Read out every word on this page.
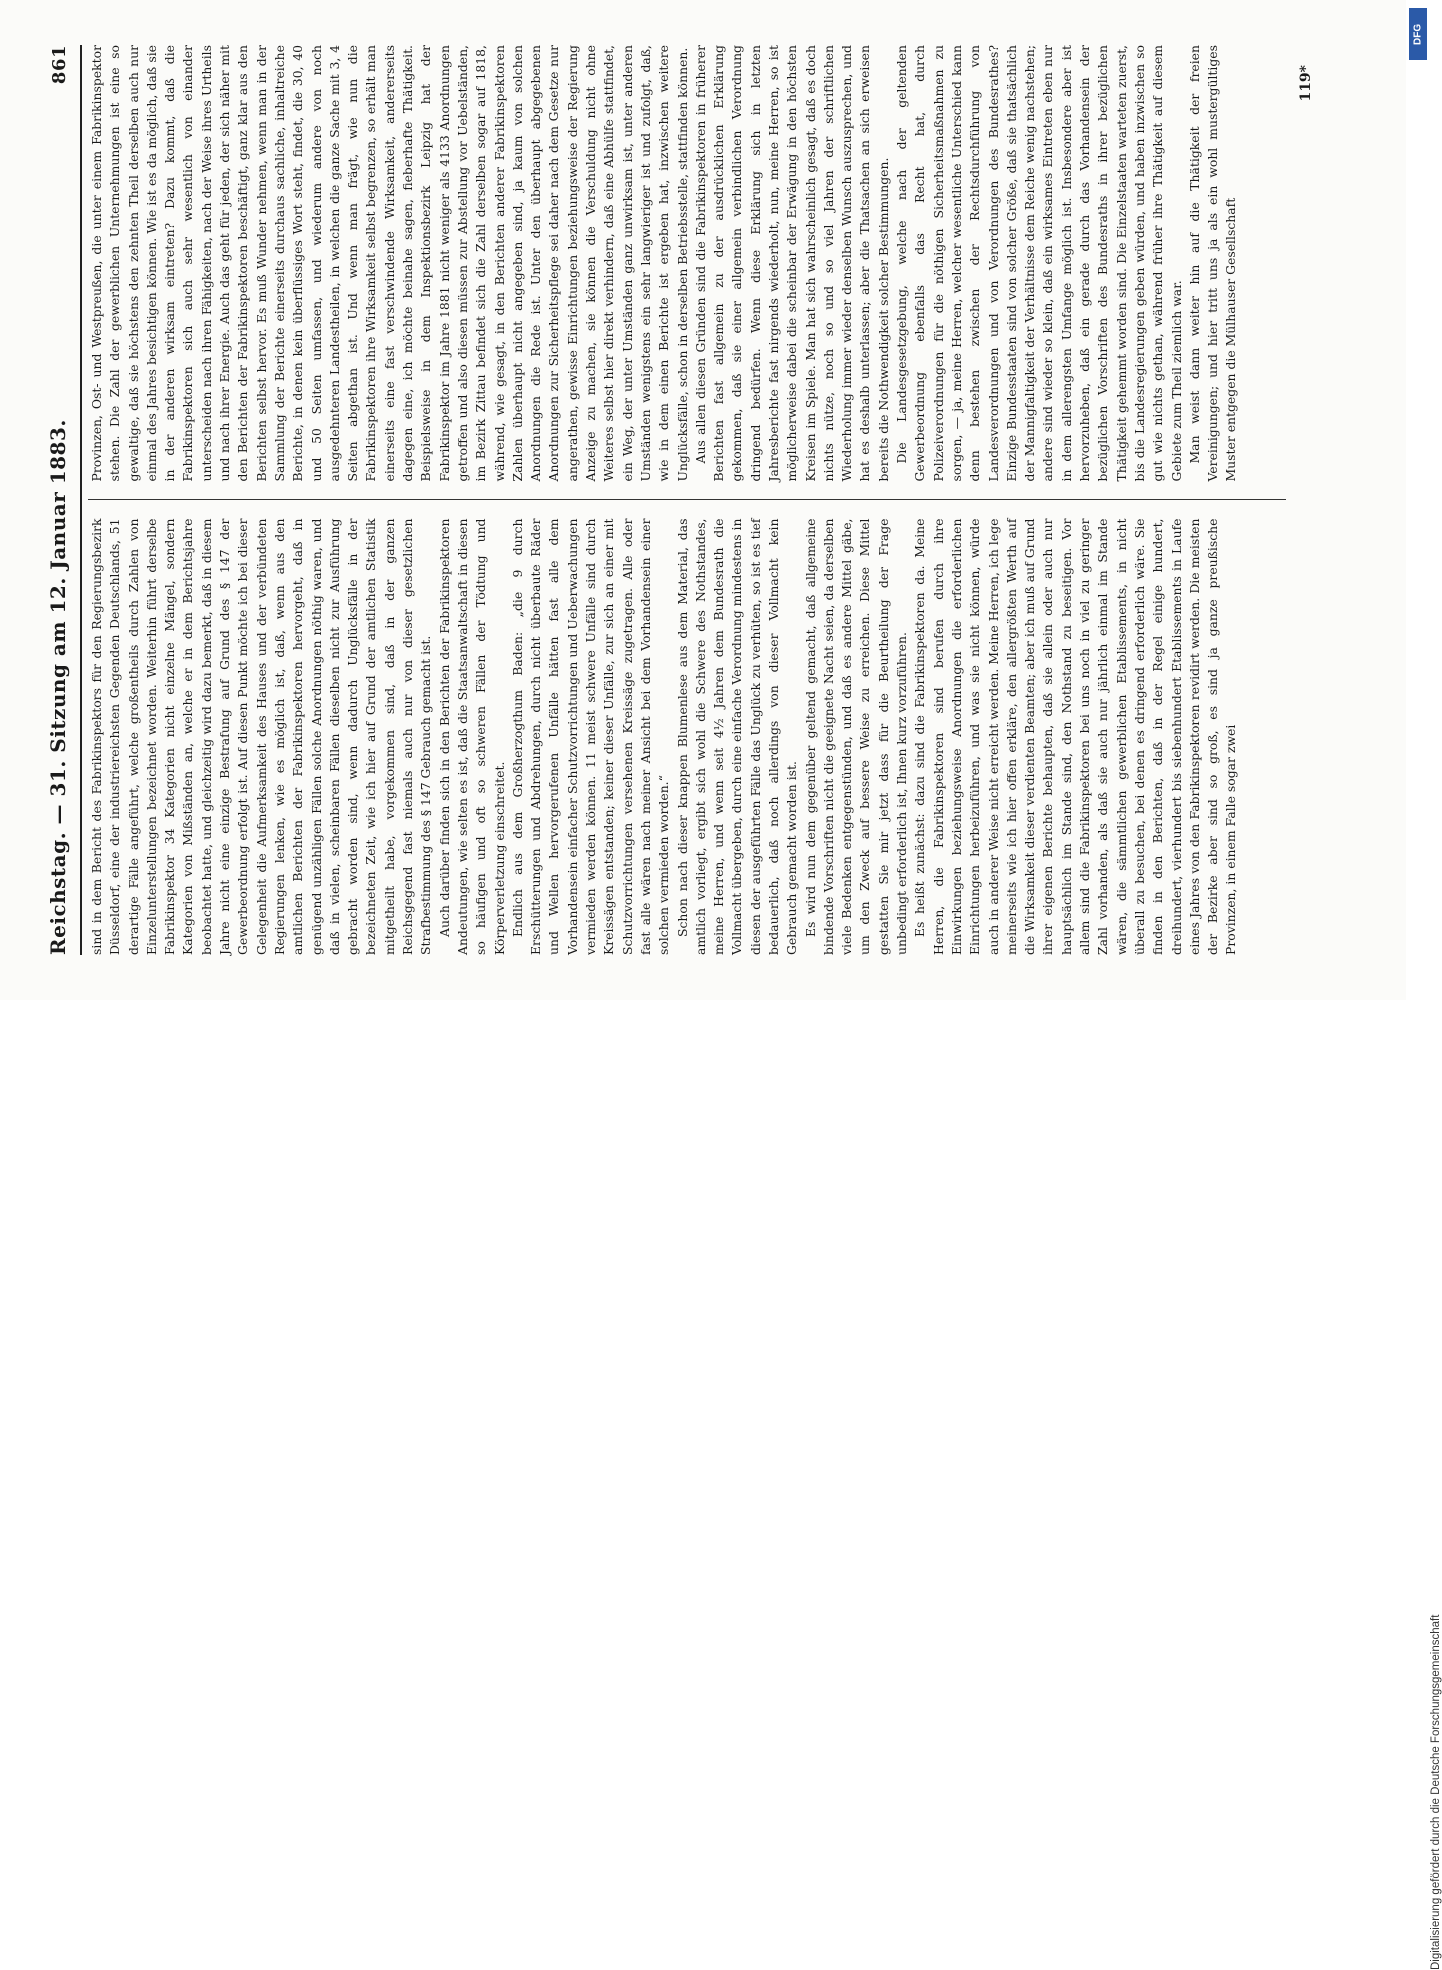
Reichstag. — 31. Sitzung am 12. Januar 1883.
861

sind in dem Bericht des Fabrikinspektors für den Regierungsbezirk Düsseldorf, eine der industriereichsten Gegenden Deutschlands, 51 derartige Fälle angeführt, welche großentheils durch Zahlen von Einzelunterstellungen bezeichnet worden. Weiterhin führt derselbe Fabrikinspektor 34 Kategorien nicht einzelne Mängel, sondern Kategorien von Mißständen an, welche er in dem Berichtsjahre beobachtet hatte, und gleichzeitig wird dazu bemerkt, daß in diesem Jahre nicht eine einzige Bestrafung auf Grund des § 147 der Gewerbeordnung erfolgt ist. Auf diesen Punkt möchte ich bei dieser Gelegenheit die Aufmerksamkeit des Hauses und der verbündeten Regierungen lenken, wie es möglich ist, daß, wenn aus den amtlichen Berichten der Fabrikinspektoren hervorgeht, daß in genügend unzähligen Fällen solche Anordnungen nöthig waren, und daß in vielen, scheinbaren Fällen dieselben nicht zur Ausführung gebracht worden sind, wenn dadurch Unglücksfälle in der bezeichneten Zeit, wie ich hier auf Grund der amtlichen Statistik mitgetheilt habe, vorgekommen sind, daß in der ganzen Reichsgegend fast niemals auch nur von dieser gesetzlichen Strafbestimmung des § 147 Gebrauch gemacht ist. Auch darüber finden sich in den Berichten der Fabrikinspektoren Andeutungen, wie selten es ist, daß die Staatsanwaltschaft in diesen so häufigen und oft so schweren Fällen der Tödtung und Körperverletzung einschreitet. Endlich aus dem Großherzogthum Baden: „die 9 durch Erschütterungen und Abdrehungen, durch nicht überbaute Räder und Wellen hervorgerufenen Unfälle hätten fast alle dem Vorhandensein einfacher Schutzvorrichtungen und Ueberwachungen vermieden werden können. 11 meist schwere Unfälle sind durch Kreissägen entstanden; keiner dieser Unfälle, zur sich an einer mit Schutzvorrichtungen versehenen Kreissäge zugetragen. Alle oder fast alle wären nach meiner Ansicht bei dem Vorhandensein einer solchen vermieden worden.“ Schon nach dieser knappen Blumenlese aus dem Material, das amtlich vorliegt, ergibt sich wohl die Schwere des Nothstandes, meine Herren, und wenn seit 4½ Jahren dem Bundesrath die Vollmacht übergeben, durch eine einfache Verordnung mindestens in diesen der ausgeführten Fälle das Unglück zu verhüten, so ist es tief bedauerlich, daß noch allerdings von dieser Vollmacht kein Gebrauch gemacht worden ist. Es wird nun dem gegenüber geltend gemacht, daß allgemeine bindende Vorschriften nicht die geeignete Nacht seien, da derselben viele Bedenken entgegenstünden, und daß es andere Mittel gäbe, um den Zweck auf bessere Weise zu erreichen. Diese Mittel gestatten Sie mir jetzt dass für die Beurtheilung der Frage unbedingt erforderlich ist, Ihnen kurz vorzuführen. Es heißt zunächst: dazu sind die Fabrikinspektoren da. Meine Herren, die Fabrikinspektoren sind berufen durch ihre Einwirkungen beziehungsweise Anordnungen die erforderlichen Einrichtungen herbeizuführen, und was sie nicht können, würde auch in anderer Weise nicht erreicht werden. Meine Herren, ich lege meinerseits wie ich hier offen erkläre, den allergrößten Werth auf die Wirksamkeit dieser verdienten Beamten; aber ich muß auf Grund ihrer eigenen Berichte behaupten, daß sie allein oder auch nur hauptsächlich im Stande sind, den Nothstand zu beseitigen. Vor allem sind die Fabrikinspektoren bei uns noch in viel zu geringer Zahl vorhanden, als daß sie auch nur jährlich einmal im Stande wären, die sämmtlichen gewerblichen Etablissements, in nicht überall zu besuchen, bei denen es dringend erforderlich wäre. Sie finden in den Berichten, daß in der Regel einige hundert, dreihundert, vierhundert bis siebenhundert Etablissements in Laufe eines Jahres von den Fabrikinspektoren revidirt werden. Die meisten der Bezirke aber sind so groß, es sind ja ganze preußische Provinzen, in einem Falle sogar zwei

Provinzen, Ost- und Westpreußen, die unter einem Fabrikinspektor stehen. Die Zahl der gewerblichen Unternehmungen ist eine so gewaltige, daß sie höchstens den zehnten Theil derselben auch nur einmal des Jahres besichtigen können. Wie ist es da möglich, daß sie in der anderen wirksam eintreten? Dazu kommt, daß die Fabrikinspektoren sich auch sehr wesentlich von einander unterscheiden nach ihren Fähigkeiten, nach der Weise ihres Urtheils und nach ihrer Energie. Auch das geht für jeden, der sich näher mit den Berichten der Fabrikinspektoren beschäftigt, ganz klar aus den Berichten selbst hervor. Es muß Wunder nehmen, wenn man in der Sammlung der Berichte einerseits durchaus sachliche, inhaltreiche Berichte, in denen kein überflüssiges Wort steht, findet, die 30, 40 und 50 Seiten umfassen, und wiederum andere von noch ausgedehnteren Landestheilen, in welchen die ganze Sache mit 3, 4 Seiten abgethan ist. Und wenn man frägt, wie nun die Fabrikinspektoren ihre Wirksamkeit selbst begrenzen, so erhält man einerseits eine fast verschwindende Wirksamkeit, andererseits dagegen eine, ich möchte beinahe sagen, fieberhafte Thätigkeit. Beispielsweise in dem Inspektionsbezirk Leipzig hat der Fabrikinspektor im Jahre 1881 nicht weniger als 4133 Anordnungen getroffen und also diesen müssen zur Abstellung vor Uebelständen, im Bezirk Zittau befindet sich die Zahl derselben sogar auf 1818, während, wie gesagt, in den Berichten anderer Fabrikinspektoren Zahlen überhaupt nicht angegeben sind, ja kaum von solchen Anordnungen die Rede ist. Unter den überhaupt abgegebenen Anordnungen zur Sicherheitspflege sei daher nach dem Gesetze nur angerathen, gewisse Einrichtungen beziehungsweise der Regierung Anzeige zu machen, sie können die Verschuldung nicht ohne Weiteres selbst hier direkt verhindern, daß eine Abhülfe stattfindet, ein Weg, der unter Umständen ganz unwirksam ist, unter anderen Umständen wenigstens ein sehr langwieriger ist und zufolgt, daß, wie in dem einen Berichte ist ergeben hat, inzwischen weitere Unglücksfälle, schon in derselben Betriebsstelle, stattfinden können. Aus allen diesen Gründen sind die Fabrikinspektoren in früherer Berichten fast allgemein zu der ausdrücklichen Erklärung gekommen, daß sie einer allgemein verbindlichen Verordnung dringend bedürfen. Wenn diese Erklärung sich in letzten Jahresberichte fast nirgends wiederholt, nun, meine Herren, so ist möglicherweise dabei die scheinbar der Erwägung in den höchsten Kreisen im Spiele. Man hat sich wahrscheinlich gesagt, daß es doch nichts nütze, noch so und so viel Jahren der schriftlichen Wiederholung immer wieder denselben Wunsch auszusprechen, und hat es deshalb unterlassen; aber die Thatsachen an sich erweisen bereits die Nothwendigkeit solcher Bestimmungen. Die Landesgesetzgebung, welche nach der geltenden Gewerbeordnung ebenfalls das Recht hat, durch Polizeiverordnungen für die nöthigen Sicherheitsmaßnahmen zu sorgen, — ja, meine Herren, welcher wesentliche Unterschied kann denn bestehen zwischen der Rechtsdurchführung von Landesverordnungen und von Verordnungen des Bundesrathes? Einzige Bundesstaaten sind von solcher Größe, daß sie thatsächlich der Mannigfaltigkeit der Verhältnisse dem Reiche wenig nachstehen; andere sind wieder so klein, daß ein wirksames Eintreten eben nur in dem allerengsten Umfange möglich ist. Insbesondere aber ist hervorzuheben, daß ein gerade durch das Vorhandensein der bezüglichen Vorschriften des Bundesraths in ihrer bezüglichen Thätigkeit gehemmt worden sind. Die Einzelstaaten warteten zuerst, bis die Landesregierungen geben würden, und haben inzwischen so gut wie nichts gethan, während früher ihre Thätigkeit auf diesem Gebiete zum Theil ziemlich war. Man weist dann weiter hin auf die Thätigkeit der freien Vereinigungen; und hier tritt uns ja als ein wohl mustergültiges Muster entgegen die Mülhauser Gesellschaft

119*
DFG
Digitalisierung gefördert durch die Deutsche Forschungsgemeinschaft
